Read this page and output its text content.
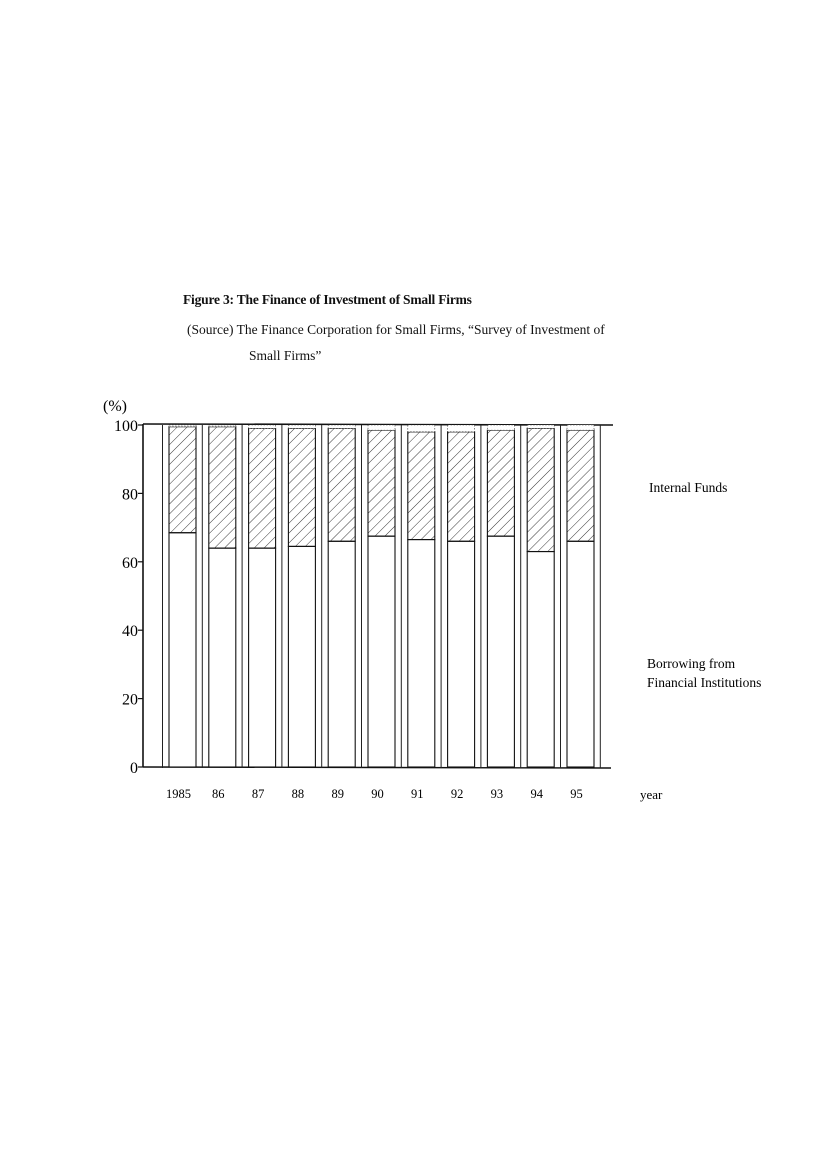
Figure 3: The Finance of Investment of Small Firms
(Source) The Finance Corporation for Small Firms, “Survey of Investment of
Small Firms”
0
20
40
60
80
100
1985 86 87 88 89 90 91 92 93 94 95
(%)
year
Internal Funds
Borrowing from
Financial Institutions
